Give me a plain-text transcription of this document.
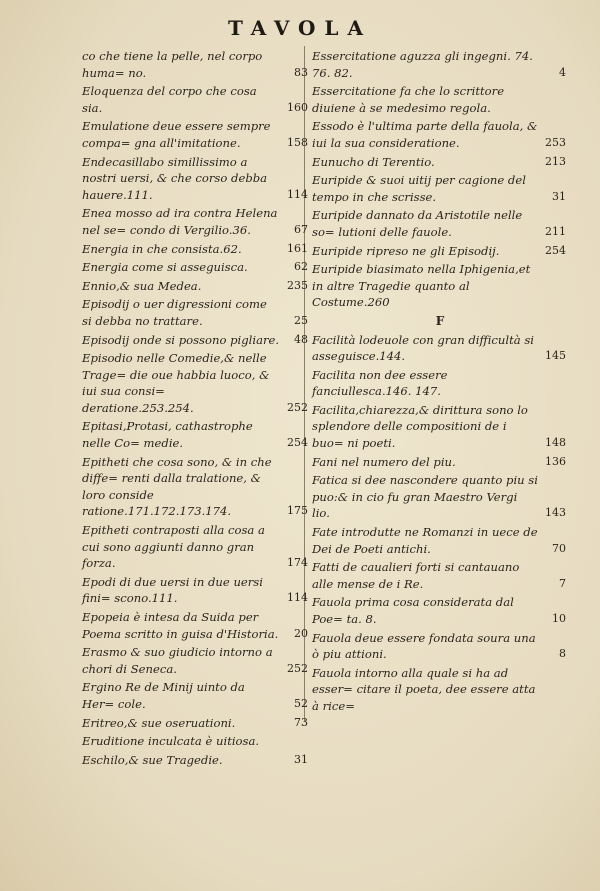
TAVOLA
co che tiene la pelle, nel corpo huma= no.	83
Eloquenza del corpo che cosa sia.	160
Emulatione deue essere sempre compa= gna all'imitatione.	158
Endecasillabo simillissimo a nostri uersi, & che corso debba hauere.111.	114
Enea mosso ad ira contra Helena nel se= condo di Vergilio.36.	67
Energia in che consista.62.	161
Energia come si asseguisca.	62
Ennio,& sua Medea.	235
Episodij o uer digressioni come si debba no trattare.	25
Episodij onde si possono pigliare. 48
Episodio nelle Comedie,& nelle Trage= die oue habbia luoco, & iui sua consi= deratione.253.254.	252
Epitasi,Protasi, cathastrophe nelle Co= medie.	254
Epitheti che cosa sono, & in che diffe= renti dalla tralatione, & loro conside ratione.171.172.173.174.	175
Epitheti contraposti alla cosa a cui sono aggiunti danno gran forza.	174
Epodi di due uersi in due uersi fini= scono.111.	114
Epopeia è intesa da Suida per Poema scritto in guisa d'Historia. 20
Erasmo & suo giudicio intorno a chori di Seneca.	252
Ergino Re de Minij uinto da Her= cole.	52
Eritreo,& sue oseruationi.	73
Eruditione inculcata è uitiosa.
Eschilo,& sue Tragedie.	31
Essercitatione aguzza gli ingegni. 74. 76. 82.	4
Essercitatione fa che lo scrittore diuiene à se medesimo regola.
Essodo è l'ultima parte della fauola, & iui la sua consideratione.	253
Eunucho di Terentio.	213
Euripide & suoi uitij per cagione del tempo in che scrisse.	31
Euripide dannato da Aristotile nelle so= lutioni delle fauole.	211
Euripide ripreso ne gli Episodij.	254
Euripide biasimato nella Iphigenia,et in altre Tragedie quanto al Costume.260
F
Facilità lodeuole con gran difficultà si asseguisce.144.	145
Facilita non dee essere fanciullesca.146. 147.
Facilita,chiarezza,& dirittura sono lo splendore delle compositioni de i buo= ni poeti.	148
Fani nel numero del piu.	136
Fatica si dee nascondere quanto piu si puo:& in cio fu gran Maestro Vergi lio.	143
Fate introdutte ne Romanzi in uece de Dei de Poeti antichi.	70
Fatti de caualieri forti si cantauano alle mense de i Re.	7
Fauola prima cosa considerata dal Poe= ta. 8.	10
Fauola deue essere fondata soura una ò piu attioni.	8
Fauola intorno alla quale si ha ad esser= citare il poeta, dee essere atta à rice=
